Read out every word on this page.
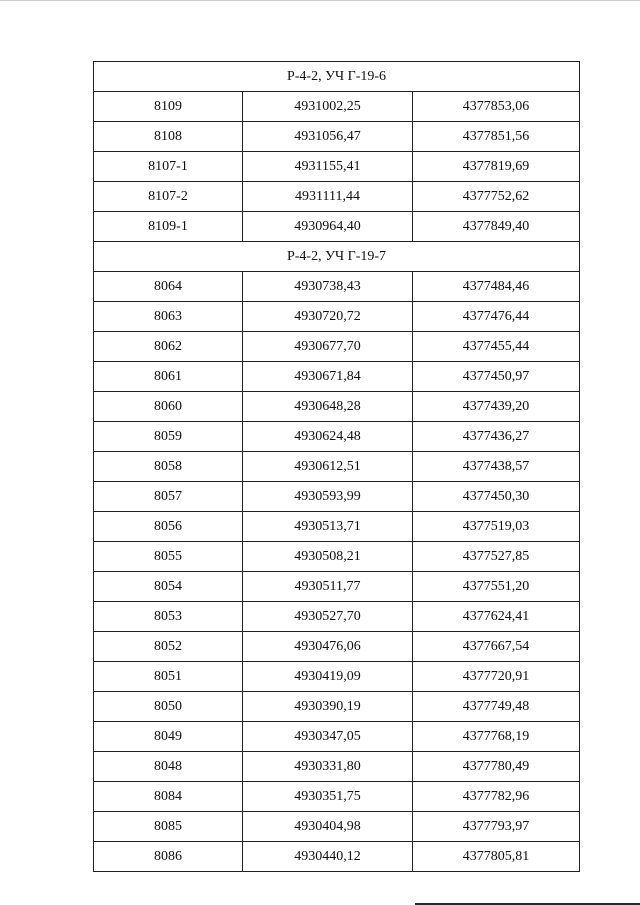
Р-4-2, УЧ Г-19-6		
8109	4931002,25	4377853,06
8108	4931056,47	4377851,56
8107-1	4931155,41	4377819,69
8107-2	4931111,44	4377752,62
8109-1	4930964,40	4377849,40
Р-4-2, УЧ Г-19-7		
8064	4930738,43	4377484,46
8063	4930720,72	4377476,44
8062	4930677,70	4377455,44
8061	4930671,84	4377450,97
8060	4930648,28	4377439,20
8059	4930624,48	4377436,27
8058	4930612,51	4377438,57
8057	4930593,99	4377450,30
8056	4930513,71	4377519,03
8055	4930508,21	4377527,85
8054	4930511,77	4377551,20
8053	4930527,70	4377624,41
8052	4930476,06	4377667,54
8051	4930419,09	4377720,91
8050	4930390,19	4377749,48
8049	4930347,05	4377768,19
8048	4930331,80	4377780,49
8084	4930351,75	4377782,96
8085	4930404,98	4377793,97
8086	4930440,12	4377805,81
